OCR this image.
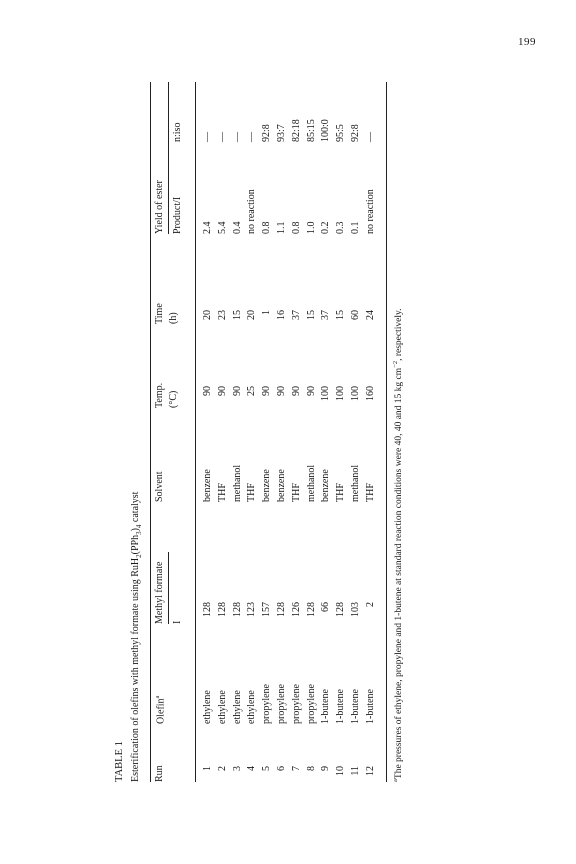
199
TABLE 1 Esterification of olefins with methyl formate using $RuH_2(PPh_3)_4$ catalyst
Run
Olefin$^a$
Methyl formate I
Solvent
Temp. (°C)
Time (h)
Yield of ester Product/I
n:iso
1
ethylene
128
benzene
90
20
2.4
—
2
ethylene
128
THF
90
23
5.4
—
3
ethylene
128
methanol
90
15
0.4
—
4
ethylene
123
THF
25
20
no reaction
—
5
propylene
157
benzene
90
1
0.8
92:8
6
propylene
128
benzene
90
16
1.1
93:7
7
propylene
126
THF
90
37
0.8
82:18
8
propylene
128
methanol
90
15
1.0
85:15
9
1-butene
66
benzene
100
37
0.2
100:0
10
1-butene
128
THF
100
15
0.3
95:5
11
1-butene
103
methanol
100
60
0.1
92:8
12
1-butene
2
THF
160
24
no reaction
—
$^a$The pressures of ethylene, propylene and 1-butene at standard reaction conditions were 40, 40 and 15 kg $cm^{-2}$, respectively.
